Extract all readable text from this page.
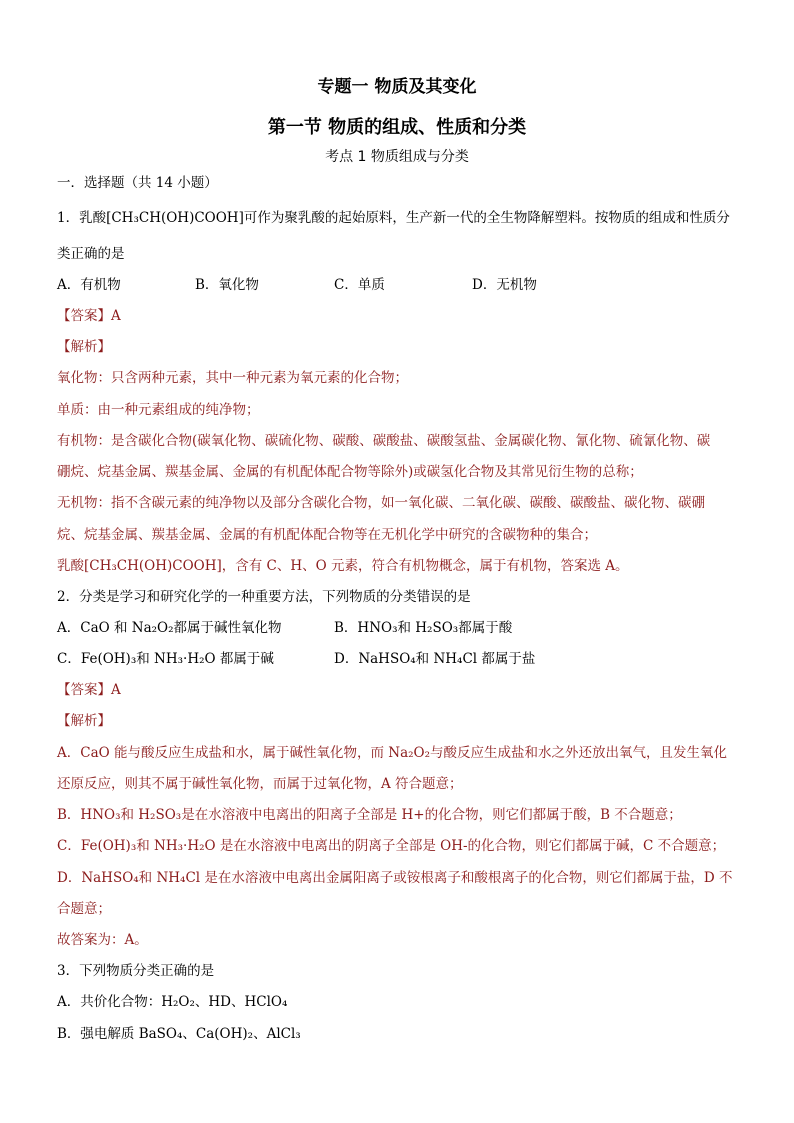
专题一 物质及其变化
第一节 物质的组成、性质和分类
考点 1 物质组成与分类
一．选择题（共 14 小题）
1．乳酸[CH₃CH(OH)COOH]可作为聚乳酸的起始原料，生产新一代的全生物降解塑料。按物质的组成和性质分
类正确的是
A．有机物	B．氧化物	C．单质	D．无机物
【答案】A
【解析】
氧化物：只含两种元素，其中一种元素为氧元素的化合物；
单质：由一种元素组成的纯净物；
有机物：是含碳化合物(碳氧化物、碳硫化物、碳酸、碳酸盐、碳酸氢盐、金属碳化物、氰化物、硫氰化物、碳
硼烷、烷基金属、羰基金属、金属的有机配体配合物等除外)或碳氢化合物及其常见衍生物的总称；
无机物：指不含碳元素的纯净物以及部分含碳化合物，如一氧化碳、二氧化碳、碳酸、碳酸盐、碳化物、碳硼
烷、烷基金属、羰基金属、金属的有机配体配合物等在无机化学中研究的含碳物种的集合；
乳酸[CH₃CH(OH)COOH]，含有 C、H、O 元素，符合有机物概念，属于有机物，答案选 A。
2．分类是学习和研究化学的一种重要方法，下列物质的分类错误的是
A．CaO 和 Na₂O₂都属于碱性氧化物	B．HNO₃和 H₂SO₃都属于酸
C．Fe(OH)₃和 NH₃·H₂O 都属于碱	D．NaHSO₄和 NH₄Cl 都属于盐
【答案】A
【解析】
A．CaO 能与酸反应生成盐和水，属于碱性氧化物，而 Na₂O₂与酸反应生成盐和水之外还放出氧气，且发生氧化
还原反应，则其不属于碱性氧化物，而属于过氧化物，A 符合题意；
B．HNO₃和 H₂SO₃是在水溶液中电离出的阳离子全部是 H+的化合物，则它们都属于酸，B 不合题意；
C．Fe(OH)₃和 NH₃·H₂O 是在水溶液中电离出的阴离子全部是 OH-的化合物，则它们都属于碱，C 不合题意；
D．NaHSO₄和 NH₄Cl 是在水溶液中电离出金属阳离子或铵根离子和酸根离子的化合物，则它们都属于盐，D 不
合题意；
故答案为：A。
3．下列物质分类正确的是
A．共价化合物：H₂O₂、HD、HClO₄
B．强电解质 BaSO₄、Ca(OH)₂、AlCl₃
